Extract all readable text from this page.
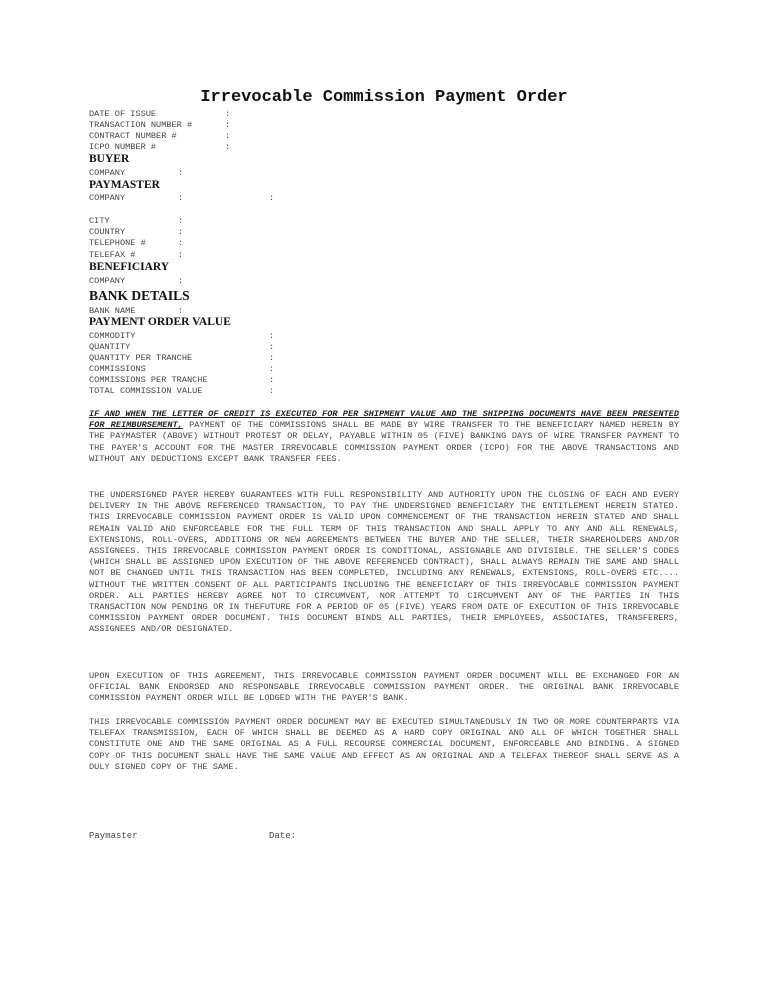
Irrevocable Commission Payment Order
DATE OF ISSUE	:
TRANSACTION NUMBER #	:
CONTRACT NUMBER #	:
ICPO NUMBER #	:
BUYER
COMPANY	:
PAYMASTER
COMPANY	:	:
CITY	:
COUNTRY	:
TELEPHONE #	:
TELEFAX #	:
BENEFICIARY
COMPANY	:
BANK DETAILS
BANK NAME	:
PAYMENT ORDER VALUE
COMMODITY	:
QUANTITY	:
QUANTITY PER TRANCHE	:
COMMISSIONS	:
COMMISSIONS PER TRANCHE	:
TOTAL COMMISSION VALUE	:
IF AND WHEN THE LETTER OF CREDIT IS EXECUTED FOR PER SHIPMENT VALUE AND THE SHIPPING DOCUMENTS HAVE BEEN PRESENTED FOR REIMBURSEMENT, PAYMENT OF THE COMMISSIONS SHALL BE MADE BY WIRE TRANSFER TO THE BENEFICIARY NAMED HEREIN BY THE PAYMASTER (ABOVE) WITHOUT PROTEST OR DELAY, PAYABLE WITHIN 05 (FIVE) BANKING DAYS OF WIRE TRANSFER PAYMENT TO THE PAYER'S ACCOUNT FOR THE MASTER IRREVOCABLE COMMISSION PAYMENT ORDER (ICPO) FOR THE ABOVE TRANSACTIONS AND WITHOUT ANY DEDUCTIONS EXCEPT BANK TRANSFER FEES.
THE UNDERSIGNED PAYER HEREBY GUARANTEES WITH FULL RESPONSIBILITY AND AUTHORITY UPON THE CLOSING OF EACH AND EVERY DELIVERY IN THE ABOVE REFERENCED TRANSACTION, TO PAY THE UNDERSIGNED BENEFICIARY THE ENTITLEMENT HEREIN STATED. THIS IRREVOCABLE COMMISSION PAYMENT ORDER IS VALID UPON COMMENCEMENT OF THE TRANSACTION HEREIN STATED AND SHALL REMAIN VALID AND ENFORCEABLE FOR THE FULL TERM OF THIS TRANSACTION AND SHALL APPLY TO ANY AND ALL RENEWALS, EXTENSIONS, ROLL-OVERS, ADDITIONS OR NEW AGREEMENTS BETWEEN THE BUYER AND THE SELLER, THEIR SHAREHOLDERS AND/OR ASSIGNEES. THIS IRREVOCABLE COMMISSION PAYMENT ORDER IS CONDITIONAL, ASSIGNABLE AND DIVISIBLE. THE SELLER'S CODES (WHICH SHALL BE ASSIGNED UPON EXECUTION OF THE ABOVE REFERENCED CONTRACT), SHALL ALWAYS REMAIN THE SAME AND SHALL NOT BE CHANGED UNTIL THIS TRANSACTION HAS BEEN COMPLETED, INCLUDING ANY RENEWALS, EXTENSIONS, ROLL-OVERS ETC.... WITHOUT THE WRITTEN CONSENT OF ALL PARTICIPANTS INCLUDING THE BENEFICIARY OF THIS IRREVOCABLE COMMISSION PAYMENT ORDER. ALL PARTIES HEREBY AGREE NOT TO CIRCUMVENT, NOR ATTEMPT TO CIRCUMVENT ANY OF THE PARTIES IN THIS TRANSACTION NOW PENDING OR IN THEFUTURE FOR A PERIOD OF 05 (FIVE) YEARS FROM DATE OF EXECUTION OF THIS IRREVOCABLE COMMISSION PAYMENT ORDER DOCUMENT. THIS DOCUMENT BINDS ALL PARTIES, THEIR EMPLOYEES, ASSOCIATES, TRANSFERERS, ASSIGNEES AND/OR DESIGNATED.
UPON EXECUTION OF THIS AGREEMENT, THIS IRREVOCABLE COMMISSION PAYMENT ORDER DOCUMENT WILL BE EXCHANGED FOR AN OFFICIAL BANK ENDORSED AND RESPONSABLE IRREVOCABLE COMMISSION PAYMENT ORDER. THE ORIGINAL BANK IRREVOCABLE COMMISSION PAYMENT ORDER WILL BE LODGED WITH THE PAYER'S BANK.
THIS IRREVOCABLE COMMISSION PAYMENT ORDER DOCUMENT MAY BE EXECUTED SIMULTANEOUSLY IN TWO OR MORE COUNTERPARTS VIA TELEFAX TRANSMISSION, EACH OF WHICH SHALL BE DEEMED AS A HARD COPY ORIGINAL AND ALL OF WHICH TOGETHER SHALL CONSTITUTE ONE AND THE SAME ORIGINAL AS A FULL RECOURSE COMMERCIAL DOCUMENT, ENFORCEABLE AND BINDING. A SIGNED COPY OF THIS DOCUMENT SHALL HAVE THE SAME VALUE AND EFFECT AS AN ORIGINAL AND A TELEFAX THEREOF SHALL SERVE AS A DULY SIGNED COPY OF THE SAME.
Paymaster	Date:
